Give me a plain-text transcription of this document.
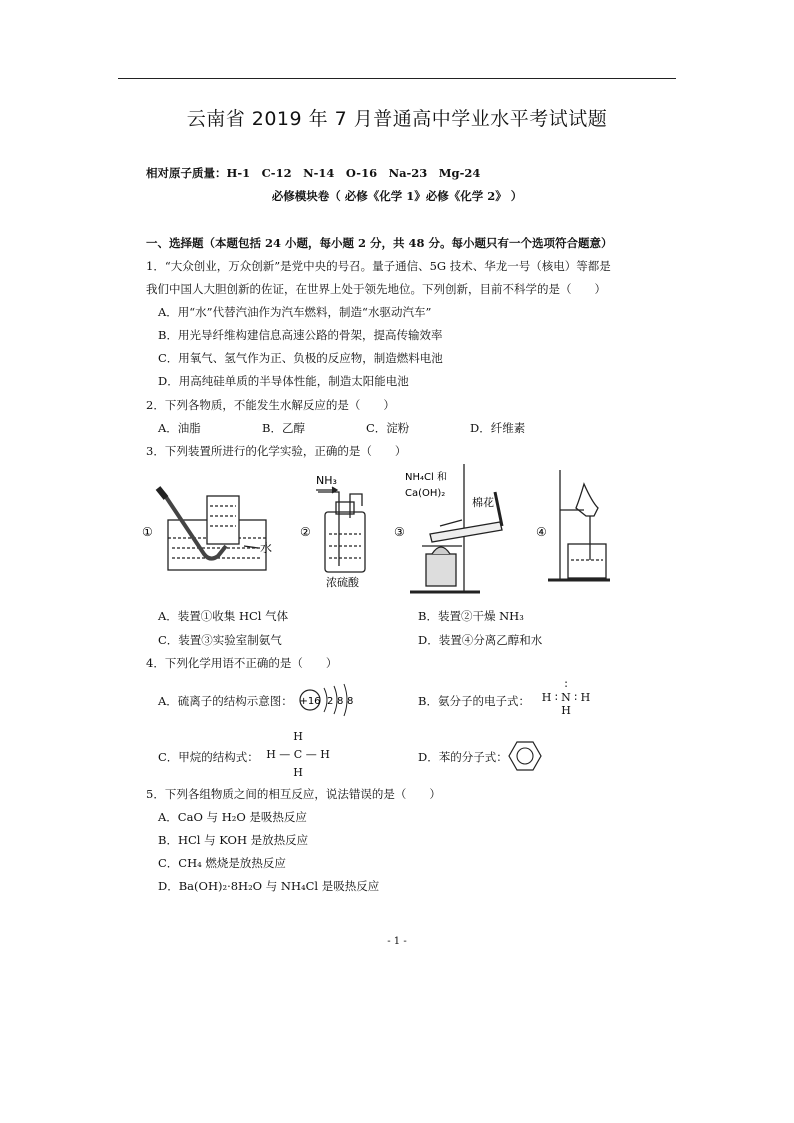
云南省 2019 年 7 月普通高中学业水平考试试题
相对原子质量：H-1　C-12　N-14　O-16　Na-23　Mg-24
必修模块卷（ 必修《化学 1》必修《化学 2》 ）
一、选择题（本题包括 24 小题，每小题 2 分，共 48 分。每小题只有一个选项符合题意）
1．“大众创业，万众创新”是党中央的号召。量子通信、5G 技术、华龙一号（核电）等都是
我们中国人大胆创新的佐证，在世界上处于领先地位。下列创新，目前不科学的是（　　）
A．用“水”代替汽油作为汽车燃料，制造“水驱动汽车”
B．用光导纤维构建信息高速公路的骨架，提高传输效率
C．用氧气、氢气作为正、负极的反应物，制造燃料电池
D．用高纯硅单质的半导体性能，制造太阳能电池
2．下列各物质，不能发生水解反应的是（　　）
A．油脂	B．乙醇	C．淀粉	D．纤维素
3．下列装置所进行的化学实验，正确的是（　　）
①	②	③	④
水
NH₃
浓硫酸
NH₄Cl 和
Ca(OH)₂
棉花
A．装置①收集 HCl 气体	B．装置②干燥 NH₃
C．装置③实验室制氨气	D．装置④分离乙醇和水
4．下列化学用语不正确的是（　　）
A．硫离子的结构示意图： +16 2 8 8	B．氨分子的电子式：
∶
H ∶ N ∶ H
H
C．甲烷的结构式：
H
H — C — H
H
D．苯的分子式：
5．下列各组物质之间的相互反应，说法错误的是（　　）
A．CaO 与 H₂O 是吸热反应
B．HCl 与 KOH 是放热反应
C．CH₄ 燃烧是放热反应
D．Ba(OH)₂·8H₂O 与 NH₄Cl 是吸热反应
- 1 -
